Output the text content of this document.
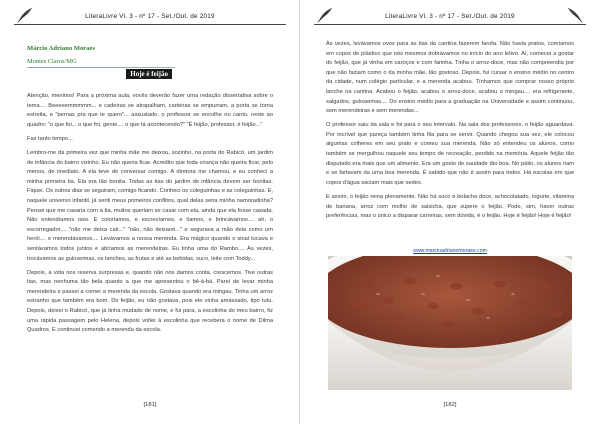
LiteraLivre Vl. 3 - nº 17 - Set./Out. de 2019
Márcio Adriano Moraes
Montes Claros/MG
Hoje é feijão

Atenção, meninos! Para a próxima aula, vocês deverão fazer uma redação dissertativa sobre o tema.... Beeeeemmmmm... e cadeiras se atrapalham, carteiras se empurram, a porta se torna estreita, e "pernas pra que te quero"... assustado, o professor se encolhe no canto, rente ao quadro: "o que foi... o que foi, gente.... o que tá acontecendo?" "É feijão, professor, é feijão..."

Faz tanto tempo...

Lembro-me da primeira vez que minha mãe me deixou, sozinho, na porta do Rabicó, um jardim de infância do bairro vizinho. Eu não queria ficar. Acredito que toda criança não queira ficar, pelo menos, de imediato. A ela teve de conversar comigo. A diretora me chamou, e eu conheci a minha primeira tia. Ela era tão bonita. Todas as tias do jardim de infância devem ser bonitas. Fiquei. Os outros dias se seguiram, comigo ficando. Conheci os coleguinhas e as coleguinhas. E, naquele universo infantil, já senti meus primeiros conflitos, qual delas seria minha namoradinha? Pensei que me casaria com a tia, muitos queriam se casar com ela, ainda que ela fosse casada. Não entendíamos isso. E coloríamos, e escrevíamos, e líamos, e brincávamos.... ah, o escorregador.... "não me deixa cair..." "não, não deixarei..." e segurava a mão dela como um herói.... e merendávamos.... Levávamos a nossa merenda. Era mágico quando o sinal tocava e sentávamos todos juntos e abríamos as merendeiras. Eu tinha uma do Rambo.... Às vezes, trocávamos as guloseimas, os lanches, as frutas e até as bebidas, suco, leite com Toddy...

Depois, a vida nos reserva surpresas e, quando não nos damos conta, crescemos. Tive outras tias, mas nenhuma tão bela quanto a que me apresentou o bê-á-bá. Parei de levar minha merendeira e passei a comer a merenda da escola. Gostava quando era mingau. Tinha um arroz estranho que também era bom. Do feijão, eu não gostava, pois ele vinha amassado, tipo tutu. Depois, deixei o Rabicó, que já tinha mudado de nome, e fui para, a escolinha do meu bairro, fiz uma rápida passagem pelo Helena, depois voltei à escolinha que recebera o nome de Dilma Quadros. E continuei comendo a merenda da escola.

[181]
LiteraLivre Vl. 3 - nº 17 - Set./Out. de 2019

Às vezes, levávamos ovos para as tias da cantina fazerem farofa. Não havia pratos, comíamos em copos de plástico que nós mesmos dobrávamos no início do ano letivo. Aí, comecei a gostar do feijão, que já vinha em caroços e com farinha. Tinha o arroz-doce, mas não compreendia por que não faziam como o da minha mãe, tão gostoso. Depois, fui cursar o ensino médio no centro da cidade, num colégio particular, e a merenda acabou. Tínhamos que comprar nosso próprio lanche na cantina. Acabou o feijão, acabou o arroz-doce, acabou o mingau.... era refrigerante, salgados, guloseimas.... Do ensino médio para a graduação na Universidade e assim continuou, sem merendeiras e sem merendas...

O professor saiu da sala e foi para o seu intervalo. Na sala dos professores, o feijão aguardava. Por incrível que pareça também tinha fila para se servir. Quando chegou sua vez, ele colocou algumas colheres em seu prato e comeu sua merenda. Não só entendeu os alunos, como também se mergulhou naquele seu tempo de recreação, perdido na memória. Aquele feijão tão disputado era mais que um alimento. Era um gosto de saudade tão boa. No pátio, os alunos riam e se fartavam da uma boa merenda. É sabido que não é assim para todos. Há escolas em que copos d'água saciam mais que sedes.

E assim, o feijão reina plenamente. Não há suco e bolacha doce, achocolatado, iogurte, vitamina de banana, arroz com molho de salsicha, que supere o feijão. Pode, sim, haver outras preferências, mas o único a disparar carreiras, sem dúvida, é o feijão. Hoje é feijão! Hoje é feijão!

www.marcioadrianomoraes.com
[182]
